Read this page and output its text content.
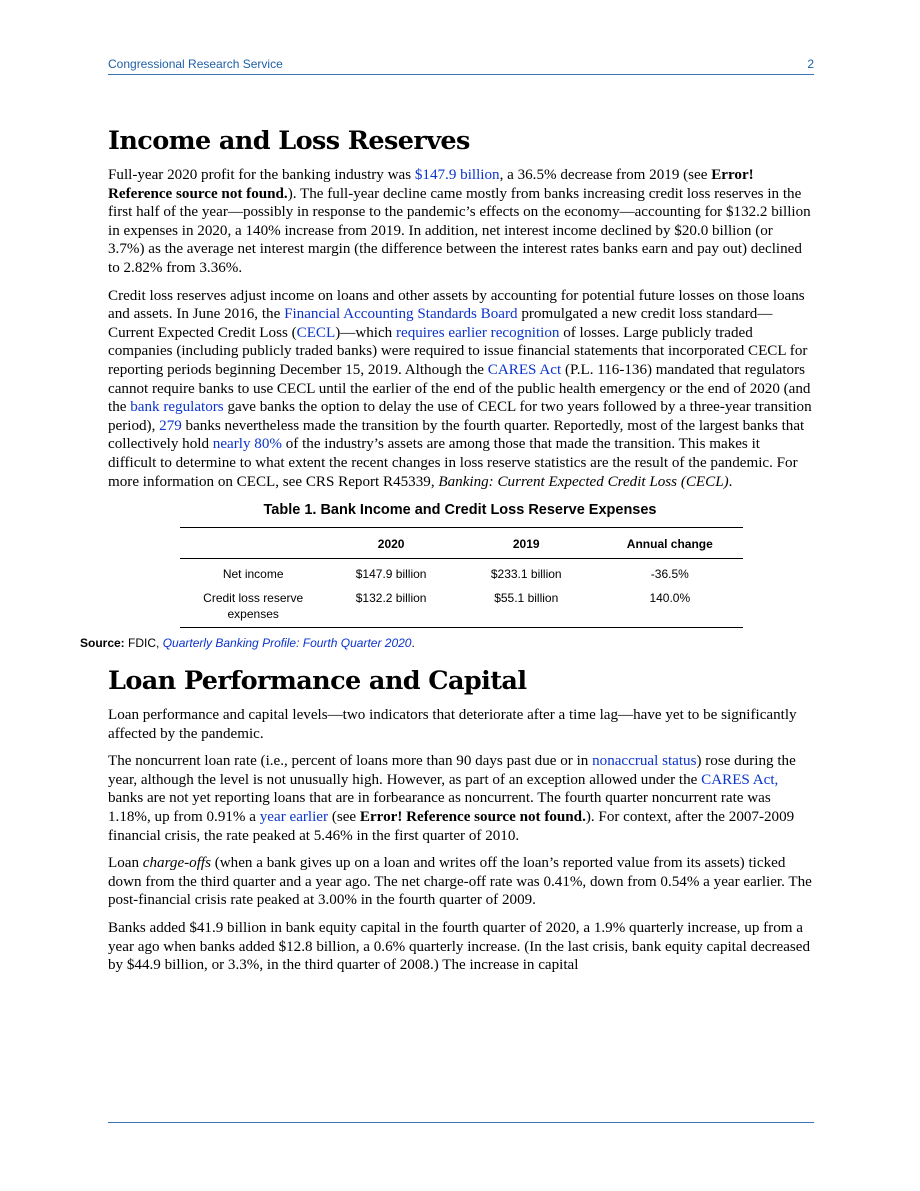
Congressional Research Service	2
Income and Loss Reserves

Full-year 2020 profit for the banking industry was $147.9 billion, a 36.5% decrease from 2019 (see Error! Reference source not found.). The full-year decline came mostly from banks increasing credit loss reserves in the first half of the year—possibly in response to the pandemic’s effects on the economy—accounting for $132.2 billion in expenses in 2020, a 140% increase from 2019. In addition, net interest income declined by $20.0 billion (or 3.7%) as the average net interest margin (the difference between the interest rates banks earn and pay out) declined to 2.82% from 3.36%.

Credit loss reserves adjust income on loans and other assets by accounting for potential future losses on those loans and assets. In June 2016, the Financial Accounting Standards Board promulgated a new credit loss standard—Current Expected Credit Loss (CECL)—which requires earlier recognition of losses. Large publicly traded companies (including publicly traded banks) were required to issue financial statements that incorporated CECL for reporting periods beginning December 15, 2019. Although the CARES Act (P.L. 116-136) mandated that regulators cannot require banks to use CECL until the earlier of the end of the public health emergency or the end of 2020 (and the bank regulators gave banks the option to delay the use of CECL for two years followed by a three-year transition period), 279 banks nevertheless made the transition by the fourth quarter. Reportedly, most of the largest banks that collectively hold nearly 80% of the industry’s assets are among those that made the transition. This makes it difficult to determine to what extent the recent changes in loss reserve statistics are the result of the pandemic. For more information on CECL, see CRS Report R45339, Banking: Current Expected Credit Loss (CECL).

Table 1. Bank Income and Credit Loss Reserve Expenses
	2020	2019	Annual change
Net income	$147.9 billion	$233.1 billion	-36.5%
Credit loss reserve expenses	$132.2 billion	$55.1 billion	140.0%
Source: FDIC, Quarterly Banking Profile: Fourth Quarter 2020.
Loan Performance and Capital

Loan performance and capital levels—two indicators that deteriorate after a time lag—have yet to be significantly affected by the pandemic.

The noncurrent loan rate (i.e., percent of loans more than 90 days past due or in nonaccrual status) rose during the year, although the level is not unusually high. However, as part of an exception allowed under the CARES Act, banks are not yet reporting loans that are in forbearance as noncurrent. The fourth quarter noncurrent rate was 1.18%, up from 0.91% a year earlier (see Error! Reference source not found.). For context, after the 2007-2009 financial crisis, the rate peaked at 5.46% in the first quarter of 2010.

Loan charge-offs (when a bank gives up on a loan and writes off the loan’s reported value from its assets) ticked down from the third quarter and a year ago. The net charge-off rate was 0.41%, down from 0.54% a year earlier. The post-financial crisis rate peaked at 3.00% in the fourth quarter of 2009.

Banks added $41.9 billion in bank equity capital in the fourth quarter of 2020, a 1.9% quarterly increase, up from a year ago when banks added $12.8 billion, a 0.6% quarterly increase. (In the last crisis, bank equity capital decreased by $44.9 billion, or 3.3%, in the third quarter of 2008.) The increase in capital
